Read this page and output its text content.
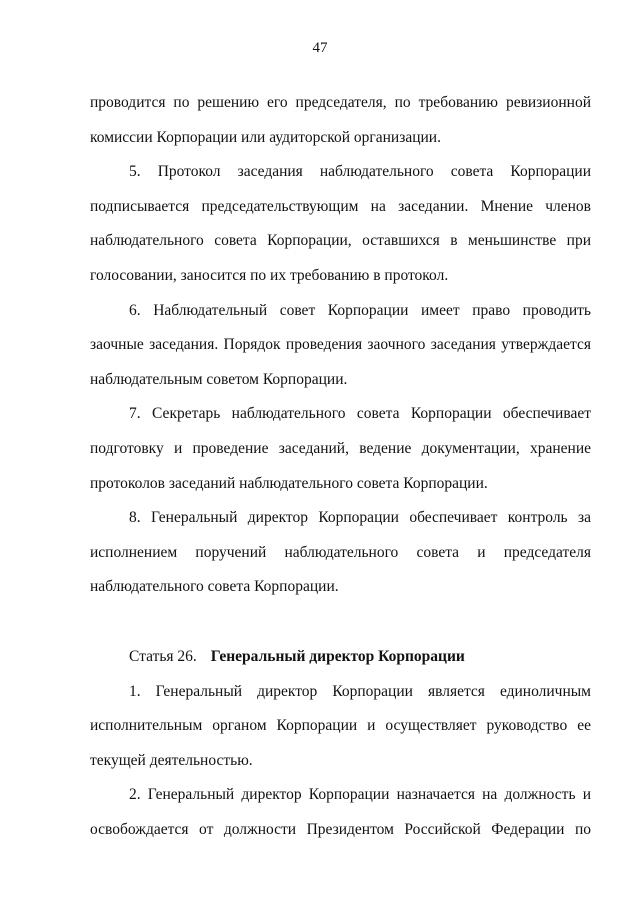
47

проводится по решению его председателя, по требованию ревизионной комиссии Корпорации или аудиторской организации.

5. Протокол заседания наблюдательного совета Корпорации подписывается председательствующим на заседании. Мнение членов наблюдательного совета Корпорации, оставшихся в меньшинстве при голосовании, заносится по их требованию в протокол.

6. Наблюдательный совет Корпорации имеет право проводить заочные заседания. Порядок проведения заочного заседания утверждается наблюдательным советом Корпорации.

7. Секретарь наблюдательного совета Корпорации обеспечивает подготовку и проведение заседаний, ведение документации, хранение протоколов заседаний наблюдательного совета Корпорации.

8. Генеральный директор Корпорации обеспечивает контроль за исполнением поручений наблюдательного совета и председателя наблюдательного совета Корпорации.

Статья 26. Генеральный директор Корпорации

1. Генеральный директор Корпорации является единоличным исполнительным органом Корпорации и осуществляет руководство ее текущей деятельностью.

2. Генеральный директор Корпорации назначается на должность и освобождается от должности Президентом Российской Федерации по
